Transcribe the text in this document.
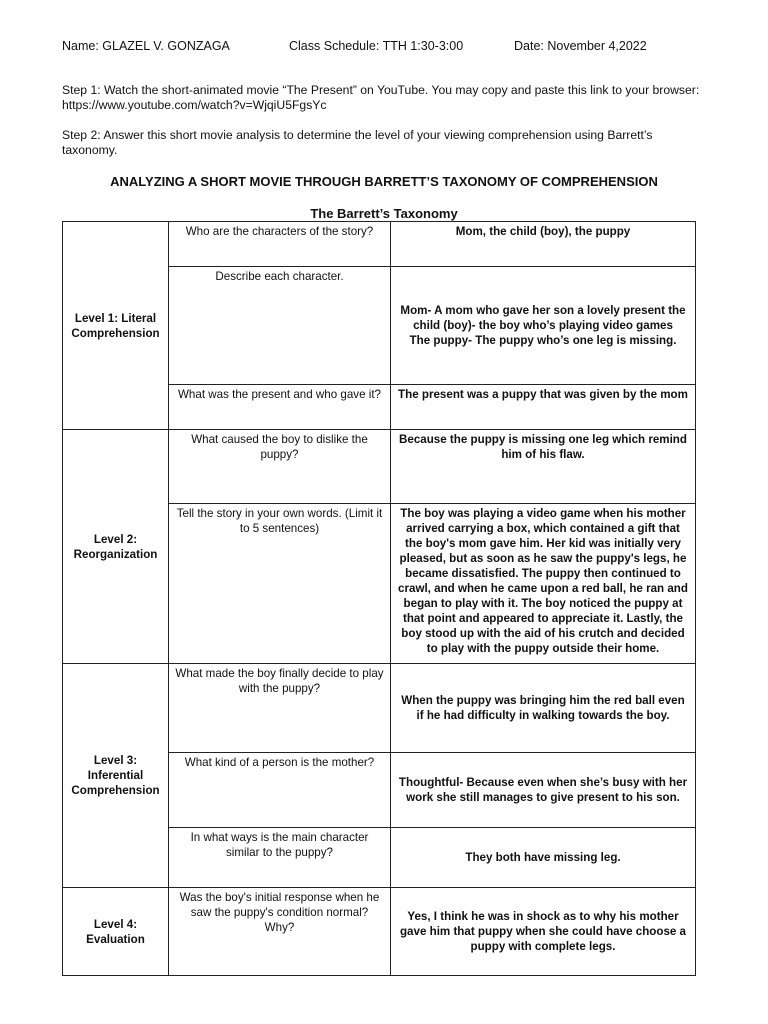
Name: GLAZEL V. GONZAGA	Class Schedule: TTH 1:30-3:00	Date: November 4,2022
Step 1: Watch the short-animated movie “The Present” on YouTube. You may copy and paste this link to your browser: https://www.youtube.com/watch?v=WjqiU5FgsYc
Step 2: Answer this short movie analysis to determine the level of your viewing comprehension using Barrett’s taxonomy.
ANALYZING A SHORT MOVIE THROUGH BARRETT’S TAXONOMY OF COMPREHENSION
The Barrett’s Taxonomy
Level 1: Literal Comprehension	Who are the characters of the story?	Mom, the child (boy), the puppy
	Describe each character.	Mom- A mom who gave her son a lovely present the child (boy)- the boy who’s playing video games
The puppy- The puppy who’s one leg is missing.
	What was the present and who gave it?	The present was a puppy that was given by the mom
Level 2: Reorganization	What caused the boy to dislike the puppy?	Because the puppy is missing one leg which remind him of his flaw.
	Tell the story in your own words. (Limit it to 5 sentences)	The boy was playing a video game when his mother arrived carrying a box, which contained a gift that the boy's mom gave him. Her kid was initially very pleased, but as soon as he saw the puppy's legs, he became dissatisfied. The puppy then continued to crawl, and when he came upon a red ball, he ran and began to play with it. The boy noticed the puppy at that point and appeared to appreciate it. Lastly, the boy stood up with the aid of his crutch and decided to play with the puppy outside their home.
Level 3: Inferential Comprehension	What made the boy finally decide to play with the puppy?	When the puppy was bringing him the red ball even if he had difficulty in walking towards the boy.
	What kind of a person is the mother?	Thoughtful- Because even when she’s busy with her work she still manages to give present to his son.
	In what ways is the main character similar to the puppy?	They both have missing leg.
Level 4: Evaluation	Was the boy's initial response when he saw the puppy's condition normal? Why?	Yes, I think he was in shock as to why his mother gave him that puppy when she could have choose a puppy with complete legs.
